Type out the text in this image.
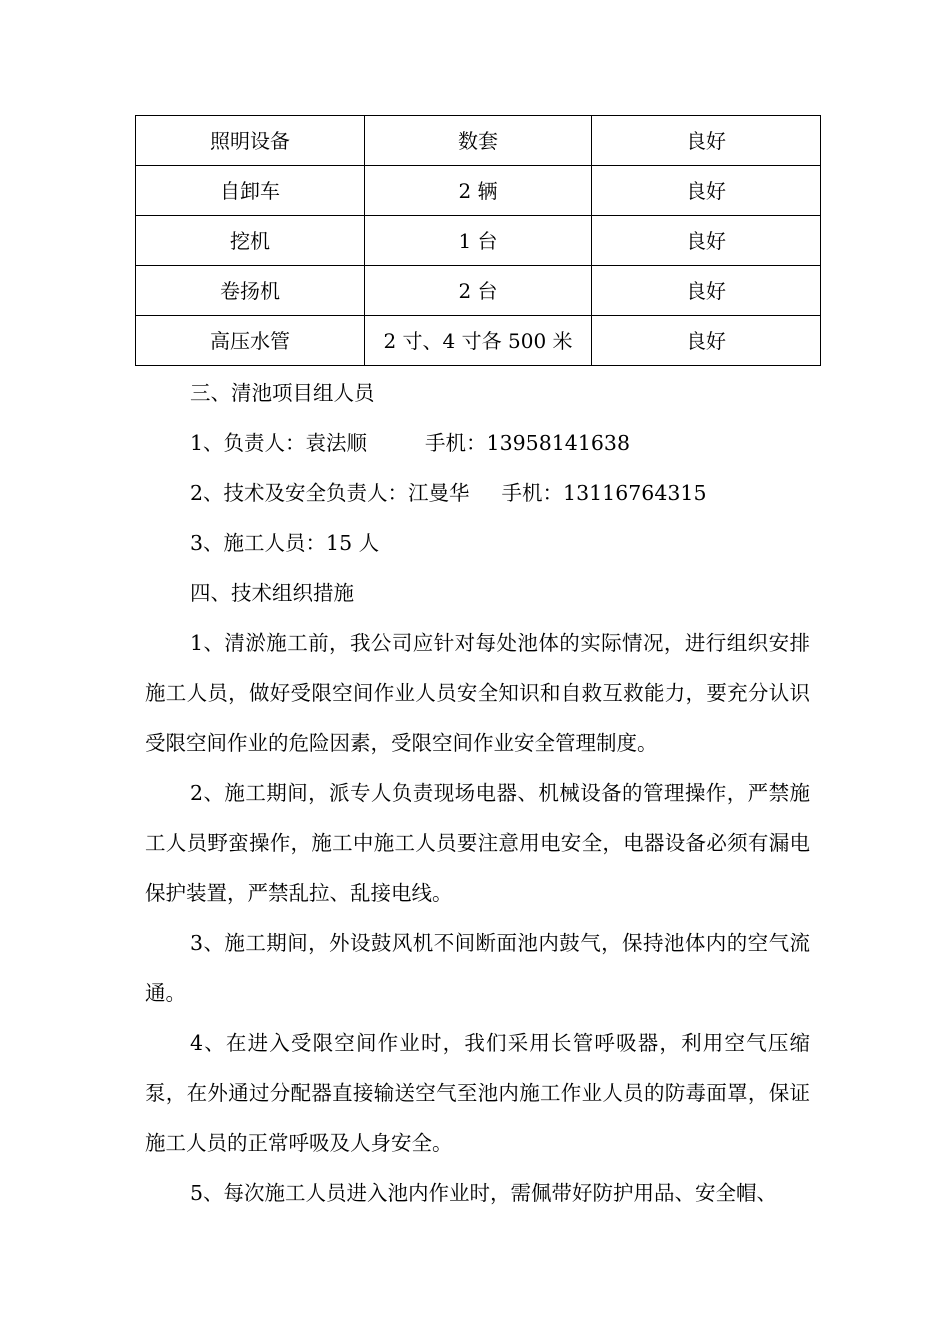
照明设备	数套	良好
自卸车	2 辆	良好
挖机	1 台	良好
卷扬机	2 台	良好
高压水管	2 寸、4 寸各 500 米	良好
三、清池项目组人员
1、负责人：袁法顺	手机：13958141638
2、技术及安全负责人：江曼华 手机：13116764315
3、施工人员：15 人
四、技术组织措施

1、清淤施工前，我公司应针对每处池体的实际情况，进行组织安排施工人员，做好受限空间作业人员安全知识和自救互救能力，要充分认识受限空间作业的危险因素，受限空间作业安全管理制度。

2、施工期间，派专人负责现场电器、机械设备的管理操作，严禁施工人员野蛮操作，施工中施工人员要注意用电安全，电器设备必须有漏电保护装置，严禁乱拉、乱接电线。

3、施工期间，外设鼓风机不间断面池内鼓气，保持池体内的空气流通。

4、在进入受限空间作业时，我们采用长管呼吸器，利用空气压缩泵，在外通过分配器直接输送空气至池内施工作业人员的防毒面罩，保证施工人员的正常呼吸及人身安全。

5、每次施工人员进入池内作业时，需佩带好防护用品、安全帽、
